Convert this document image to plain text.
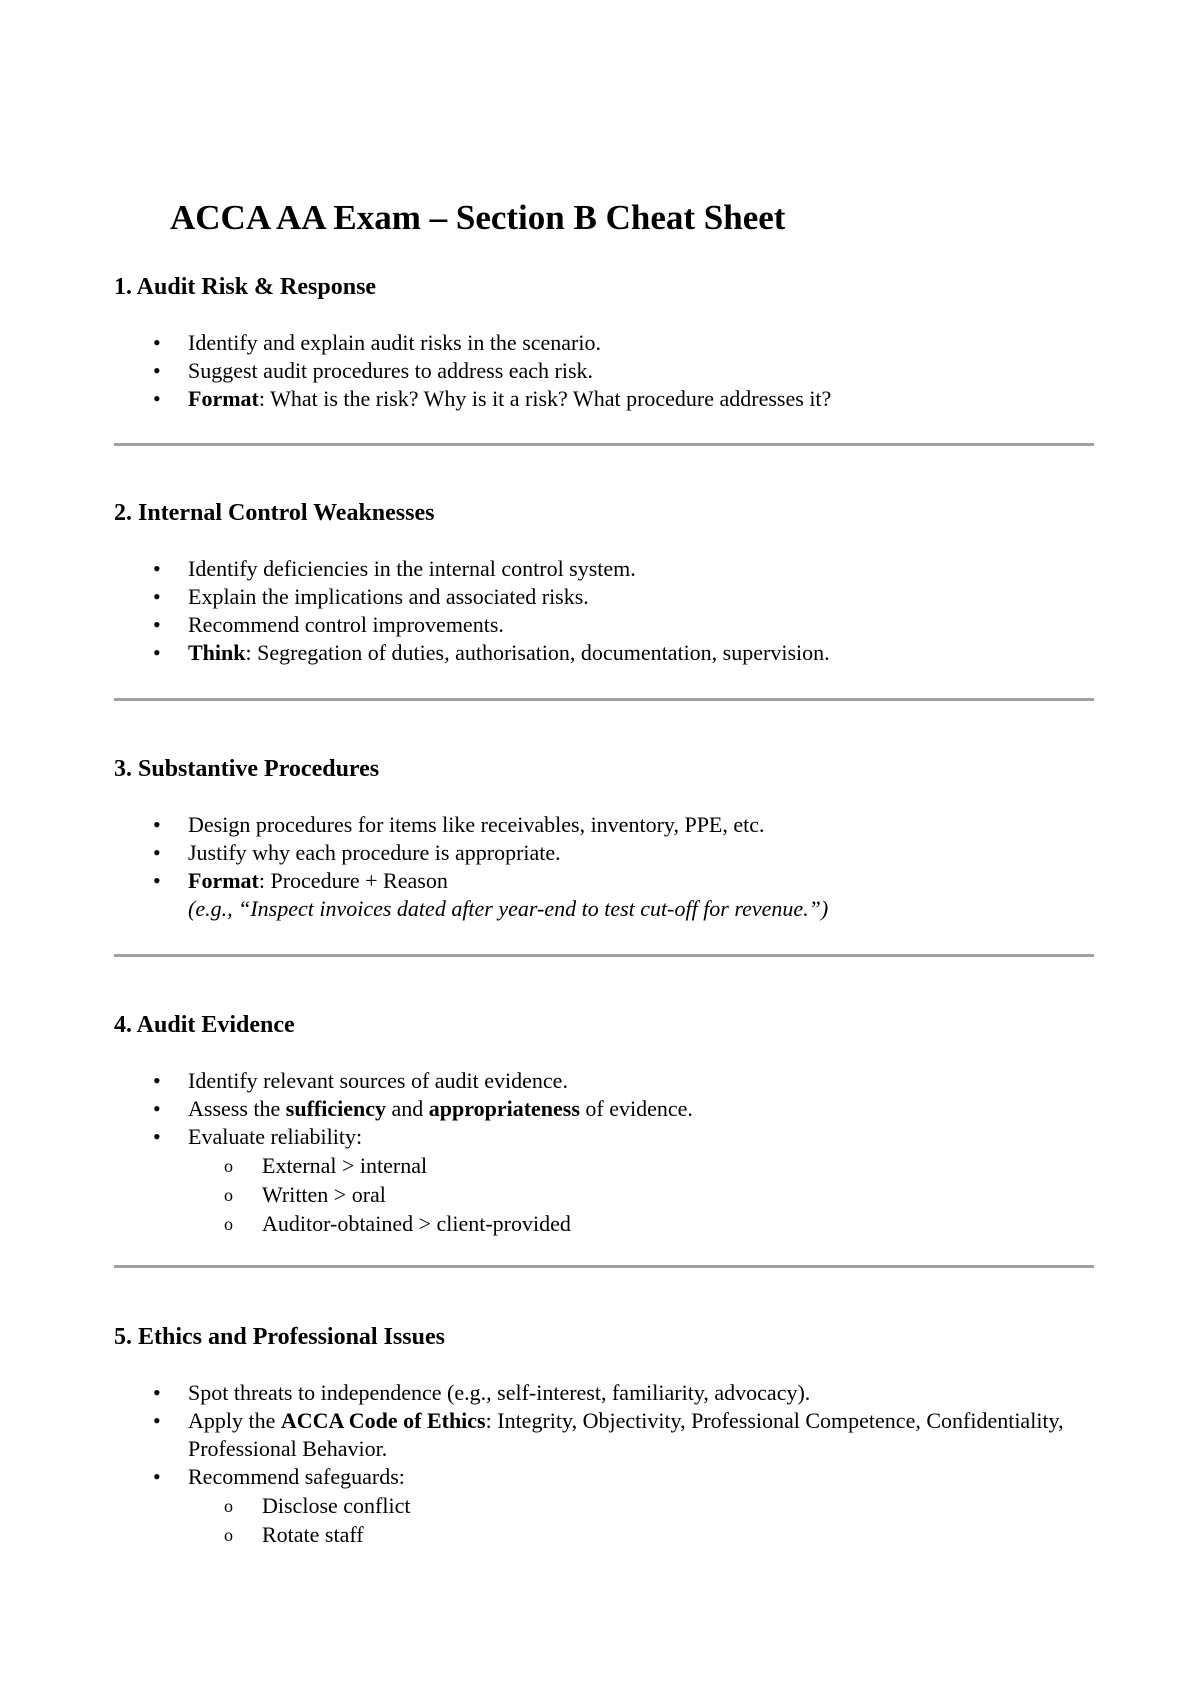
ACCA AA Exam – Section B Cheat Sheet
1. Audit Risk & Response
• Identify and explain audit risks in the scenario.
• Suggest audit procedures to address each risk.
• Format: What is the risk? Why is it a risk? What procedure addresses it?
2. Internal Control Weaknesses
• Identify deficiencies in the internal control system.
• Explain the implications and associated risks.
• Recommend control improvements.
• Think: Segregation of duties, authorisation, documentation, supervision.
3. Substantive Procedures
• Design procedures for items like receivables, inventory, PPE, etc.
• Justify why each procedure is appropriate.
• Format: Procedure + Reason
(e.g., “Inspect invoices dated after year-end to test cut-off for revenue.”)
4. Audit Evidence
• Identify relevant sources of audit evidence.
• Assess the sufficiency and appropriateness of evidence.
• Evaluate reliability:
o External > internal
o Written > oral
o Auditor-obtained > client-provided
5. Ethics and Professional Issues
• Spot threats to independence (e.g., self-interest, familiarity, advocacy).
• Apply the ACCA Code of Ethics: Integrity, Objectivity, Professional Competence, Confidentiality, Professional Behavior.
• Recommend safeguards:
o Disclose conflict
o Rotate staff
